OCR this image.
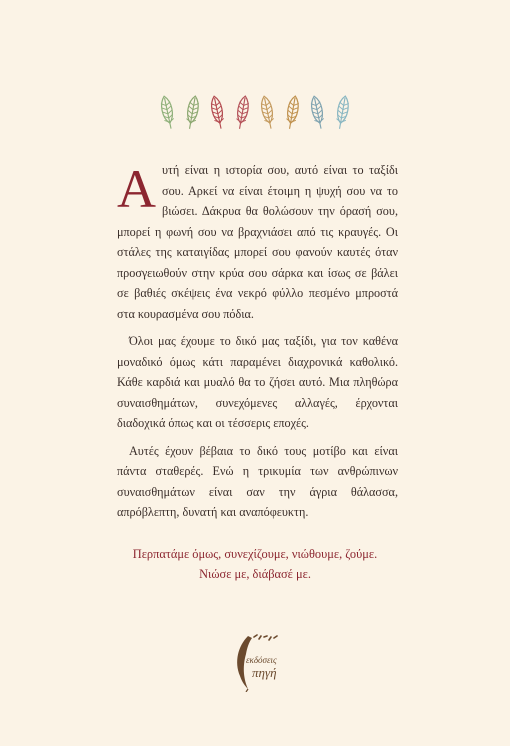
Αυτή είναι η ιστορία σου, αυτό είναι το ταξίδι σου. Αρκεί να είναι έτοιμη η ψυχή σου να το βιώσει. Δάκρυα θα θολώσουν την όρασή σου, μπορεί η φωνή σου να βραχνιάσει από τις κραυγές. Οι στάλες της καταιγίδας μπορεί σου φανούν καυτές όταν προσγειωθούν στην κρύα σου σάρκα και ίσως σε βάλει σε βαθιές σκέψεις ένα νεκρό φύλλο πεσμένο μπροστά στα κουρασμένα σου πόδια.

Όλοι μας έχουμε το δικό μας ταξίδι, για τον καθένα μοναδικό όμως κάτι παραμένει διαχρονικά καθολικό. Κάθε καρδιά και μυαλό θα το ζήσει αυτό. Μια πληθώρα συναισθημάτων, συνεχόμενες αλλαγές, έρχονται διαδοχικά όπως και οι τέσσερις εποχές.

Αυτές έχουν βέβαια το δικό τους μοτίβο και είναι πάντα σταθερές. Ενώ η τρικυμία των ανθρώπινων συναισθημάτων είναι σαν την άγρια θάλασσα, απρόβλεπτη, δυνατή και αναπόφευκτη.

Περπατάμε όμως, συνεχίζουμε, νιώθουμε, ζούμε.
Νιώσε με, διάβασέ με.
εκδόσεις
πηγή
